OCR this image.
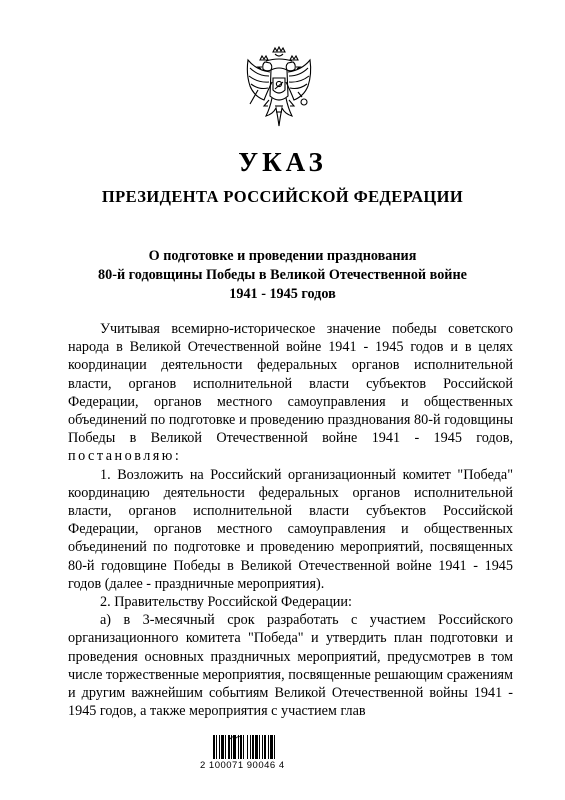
УКАЗ
ПРЕЗИДЕНТА РОССИЙСКОЙ ФЕДЕРАЦИИ
О подготовке и проведении празднования
80-й годовщины Победы в Великой Отечественной войне
1941 - 1945 годов

Учитывая всемирно-историческое значение победы советского народа в Великой Отечественной войне 1941 - 1945 годов и в целях координации деятельности федеральных органов исполнительной власти, органов исполнительной власти субъектов Российской Федерации, органов местного самоуправления и общественных объединений по подготовке и проведению празднования 80-й годовщины Победы в Великой Отечественной войне 1941 - 1945 годов, постановляю:

1. Возложить на Российский организационный комитет "Победа" координацию деятельности федеральных органов исполнительной власти, органов исполнительной власти субъектов Российской Федерации, органов местного самоуправления и общественных объединений по подготовке и проведению мероприятий, посвященных 80-й годовщине Победы в Великой Отечественной войне 1941 - 1945 годов (далее - праздничные мероприятия).

2. Правительству Российской Федерации:

а) в 3-месячный срок разработать с участием Российского организационного комитета "Победа" и утвердить план подготовки и проведения основных праздничных мероприятий, предусмотрев в том числе торжественные мероприятия, посвященные решающим сражениям и другим важнейшим событиям Великой Отечественной войны 1941 - 1945 годов, а также мероприятия с участием глав

2 100071 90046 4
